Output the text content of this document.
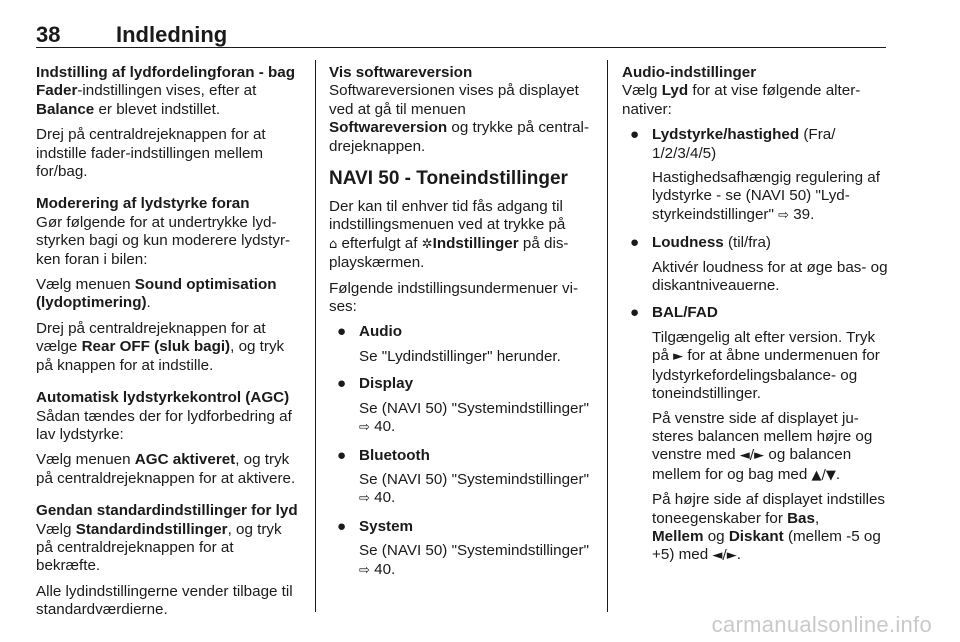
38	Indledning

Indstilling af lydfordelingforan - bag

Fader-indstillingen vises, efter at
Balance er blevet indstillet.

Drej på centraldrejeknappen for at indstille fader-indstillingen mellem for/bag.

Moderering af lydstyrke foran

Gør følgende for at undertrykke lydstyrken bagi og kun moderere lydstyrken foran i bilen:

Vælg menuen Sound optimisation (lydoptimering).

Drej på centraldrejeknappen for at vælge Rear OFF (sluk bagi), og tryk på knappen for at indstille.

Automatisk lydstyrkekontrol (AGC)

Sådan tændes der for lydforbedring af lav lydstyrke:

Vælg menuen AGC aktiveret, og tryk på centraldrejeknappen for at aktivere.

Gendan standardindstillinger for lyd

Vælg Standardindstillinger, og tryk på centraldrejeknappen for at bekræfte.

Alle lydindstillingerne vender tilbage til standardværdierne.

Vis softwareversion

Softwareversionen vises på displayet ved at gå til menuen

Softwareversion og trykke på centraldrejeknappen.

NAVI 50 - Toneindstillinger

Der kan til enhver tid fås adgang til indstillingsmenuen ved at trykke på
⌂ efterfulgt af ✲Indstillinger på displayskærmen.

Følgende indstillingsundermenuer vises:

● Audio

Se "Lydindstillinger" herunder.

● Display

Se (NAVI 50) "Systemindstillinger" ⇨ 40.

● Bluetooth

Se (NAVI 50) "Systemindstillinger" ⇨ 40.

● System

Se (NAVI 50) "Systemindstillinger" ⇨ 40.

Audio-indstillinger

Vælg Lyd for at vise følgende alternativer:

● Lydstyrke/hastighed (Fra/ 1/2/3/4/5)

Hastighedsafhængig regulering af lydstyrke - se (NAVI 50) "Lydstyrkeindstillinger" ⇨ 39.

● Loudness (til/fra)

Aktivér loudness for at øge bas- og diskantniveauerne.

● BAL/FAD

Tilgængelig alt efter version. Tryk på ► for at åbne undermenuen for lydstyrkefordelingsbalance- og toneindstillinger.

På venstre side af displayet justeres balancen mellem højre og venstre med ◄/► og balancen mellem for og bag med ▲/▼.

På højre side af displayet indstilles toneegenskaber for Bas,
Mellem og Diskant (mellem -5 og +5) med ◄/►.

carmanualsonline.info
